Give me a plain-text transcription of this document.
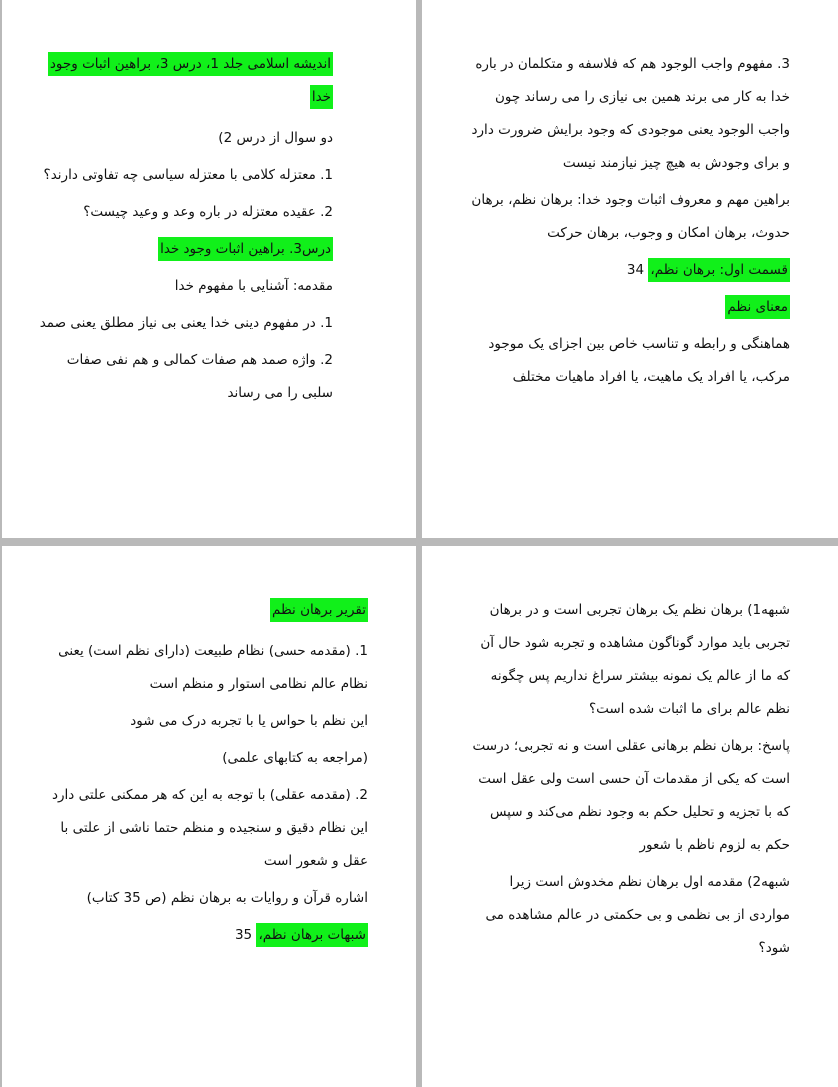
اندیشه اسلامی جلد 1، درس 3، براهین اثبات وجود خدا
دو سوال از درس 2)
1. معتزله کلامی با معتزله سیاسی چه تفاوتی دارند؟
2. عقیده معتزله در باره وعد و وعید چیست؟
درس3. براهین اثبات وجود خدا
مقدمه: آشنایی با مفهوم خدا
1. در مفهوم دینی خدا یعنی بی نیاز مطلق یعنی صمد
2. واژه صمد هم صفات کمالی و هم نفی صفات سلبی را می رساند
3. مفهوم واجب الوجود هم که فلاسفه و متکلمان در باره خدا به کار می برند همین بی نیازی را می رساند چون واجب الوجود یعنی موجودی که وجود برایش ضرورت دارد و برای وجودش به هیچ چیز نیازمند نیست
براهین مهم و معروف اثبات وجود خدا: برهان نظم، برهان حدوث، برهان امکان و وجوب، برهان حرکت
قسمت اول: برهان نظم، 34
معنای نظم
هماهنگی و رابطه و تناسب خاص بین اجزای یک موجود مرکب، یا افراد یک ماهیت، یا افراد ماهیات مختلف
تقریر برهان نظم
1. (مقدمه حسی) نظام طبیعت (دارای نظم است) یعنی نظام عالم نظامی استوار و منظم است
این نظم با حواس یا با تجربه درک می شود
(مراجعه به کتابهای علمی)
2. (مقدمه عقلی) با توجه به این که هر ممکنی علتی دارد این نظام دقیق و سنجیده و منظم حتما ناشی از علتی با عقل و شعور است
اشاره قرآن و روایات به برهان نظم (ص 35 کتاب)
شبهات برهان نظم، 35
شبهه1) برهان نظم یک برهان تجربی است و در برهان تجربی باید موارد گوناگون مشاهده و تجربه شود حال آن که ما از عالم یک نمونه بیشتر سراغ نداریم پس چگونه نظم عالم برای ما اثبات شده است؟
پاسخ: برهان نظم برهانی عقلی است و نه تجربی؛ درست است که یکی از مقدمات آن حسی است ولی عقل است که با تجزیه و تحلیل حکم به وجود نظم می‌کند و سپس حکم به لزوم ناظم با شعور
شبهه2) مقدمه اول برهان نظم مخدوش است زیرا مواردی از بی نظمی و بی حکمتی در عالم مشاهده می شود؟
